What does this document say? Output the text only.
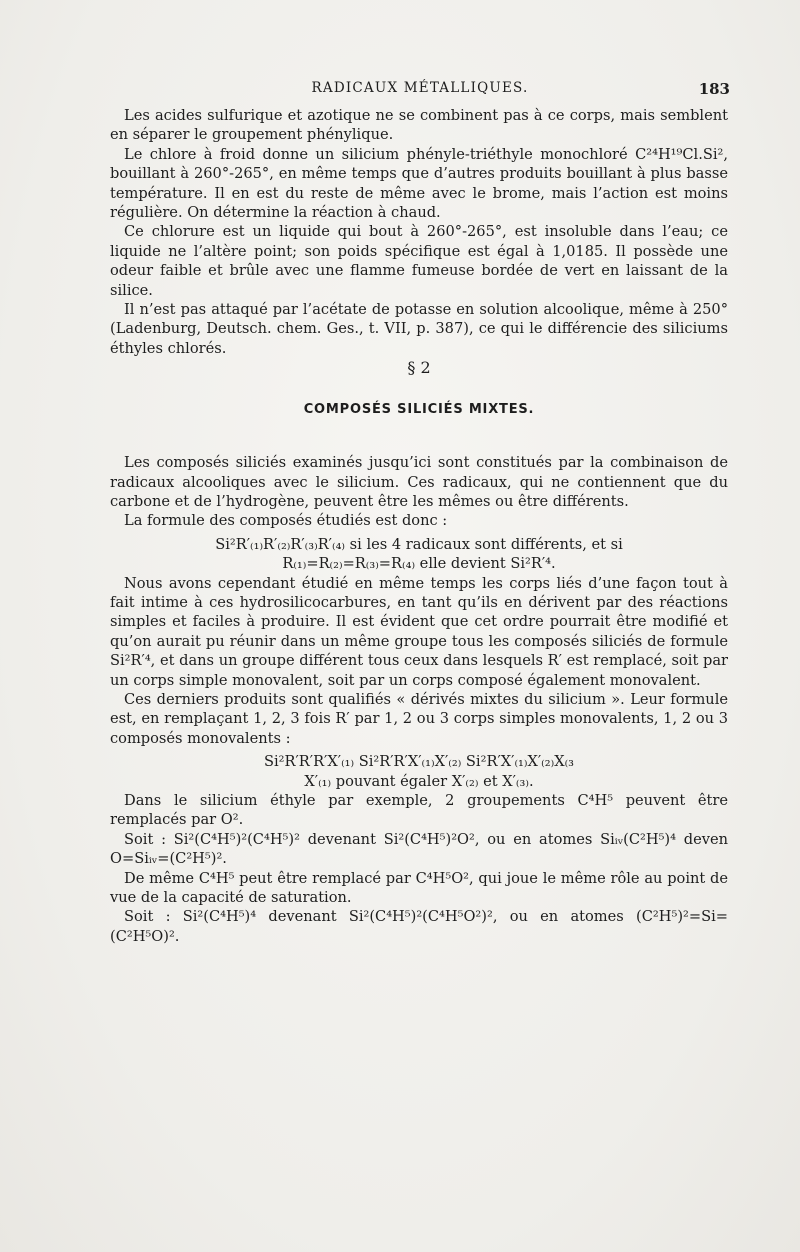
RADICAUX MÉTALLIQUES.	183

Les acides sulfurique et azotique ne se combinent pas à ce corps, mais semblent en séparer le groupement phénylique.

Le chlore à froid donne un silicium phényle-triéthyle monochloré C²⁴H¹⁹Cl.Si², bouillant à 260°-265°, en même temps que d’autres produits bouillant à plus basse température. Il en est du reste de même avec le brome, mais l’action est moins régulière. On détermine la réaction à chaud.

Ce chlorure est un liquide qui bout à 260°-265°, est insoluble dans l’eau; ce liquide ne l’altère point; son poids spécifique est égal à 1,0185. Il possède une odeur faible et brûle avec une flamme fumeuse bordée de vert en laissant de la silice.

Il n’est pas attaqué par l’acétate de potasse en solution alcoolique, même à 250° (Ladenburg, Deutsch. chem. Ges., t. VII, p. 387), ce qui le différencie des siliciums éthyles chlorés.

§ 2

COMPOSÉS SILICIÉS MIXTES.

Les composés siliciés examinés jusqu’ici sont constitués par la combinaison de radicaux alcooliques avec le silicium. Ces radicaux, qui ne contiennent que du carbone et de l’hydrogène, peuvent être les mêmes ou être différents.

La formule des composés étudiés est donc :

Si²R′₍₁₎R′₍₂₎R′₍₃₎R′₍₄₎ si les 4 radicaux sont différents, et si

R₍₁₎=R₍₂₎=R₍₃₎=R₍₄₎ elle devient Si²R′⁴.

Nous avons cependant étudié en même temps les corps liés d’une façon tout à fait intime à ces hydrosilicocarbures, en tant qu’ils en dérivent par des réactions simples et faciles à produire. Il est évident que cet ordre pourrait être modifié et qu’on aurait pu réunir dans un même groupe tous les composés siliciés de formule Si²R′⁴, et dans un groupe différent tous ceux dans lesquels R′ est remplacé, soit par un corps simple monovalent, soit par un corps composé également monovalent.

Ces derniers produits sont qualifiés « dérivés mixtes du silicium ». Leur formule est, en remplaçant 1, 2, 3 fois R′ par 1, 2 ou 3 corps simples monovalents, 1, 2 ou 3 composés monovalents :

Si²R′R′R′X′₍₁₎ Si²R′R′X′₍₁₎X′₍₂₎ Si²R′X′₍₁₎X′₍₂₎X₍₃

X′₍₁₎ pouvant égaler X′₍₂₎ et X′₍₃₎.

Dans le silicium éthyle par exemple, 2 groupements C⁴H⁵ peuvent être remplacés par O².

Soit : Si²(C⁴H⁵)²(C⁴H⁵)² devenant Si²(C⁴H⁵)²O², ou en atomes Siᵢᵥ(C²H⁵)⁴ deven O=Siᵢᵥ=(C²H⁵)².

De même C⁴H⁵ peut être remplacé par C⁴H⁵O², qui joue le même rôle au point de vue de la capacité de saturation.

Soit : Si²(C⁴H⁵)⁴ devenant Si²(C⁴H⁵)²(C⁴H⁵O²)², ou en atomes (C²H⁵)²=Si=(C²H⁵O)².
